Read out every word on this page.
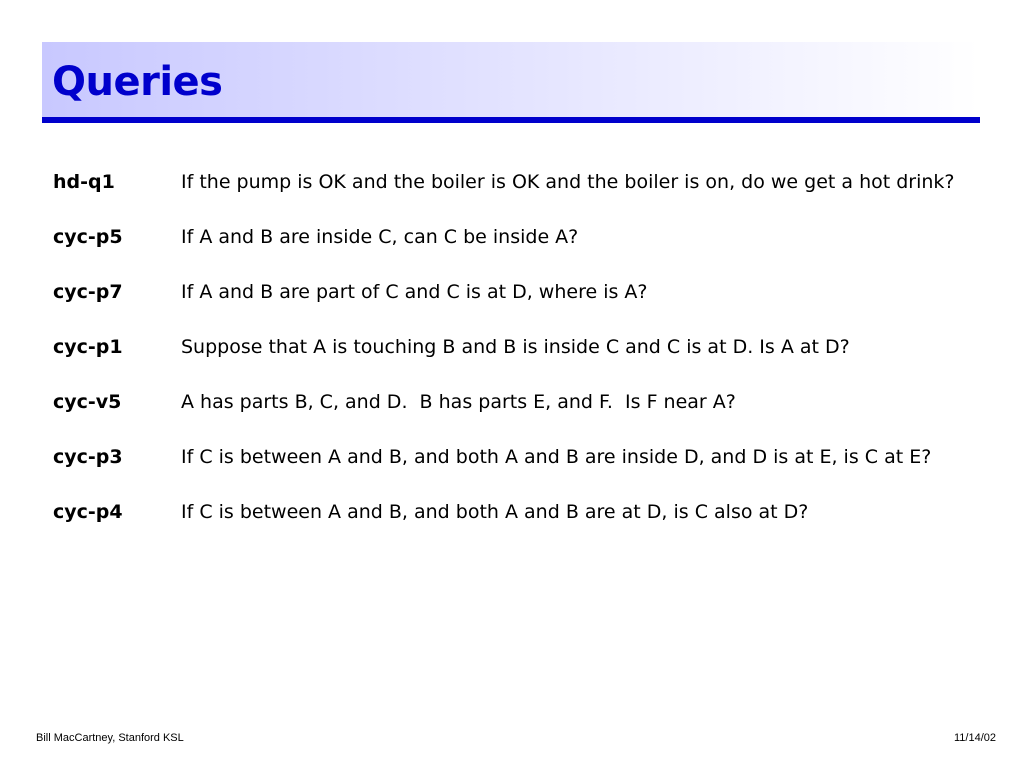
Queries
hd-q1	If the pump is OK and the boiler is OK and the boiler is on, do we get a hot drink?
cyc-p5	If A and B are inside C, can C be inside A?
cyc-p7	If A and B are part of C and C is at D, where is A?
cyc-p1	Suppose that A is touching B and B is inside C and C is at D. Is A at D?
cyc-v5	A has parts B, C, and D.  B has parts E, and F.  Is F near A?
cyc-p3	If C is between A and B, and both A and B are inside D, and D is at E, is C at E?
cyc-p4	If C is between A and B, and both A and B are at D, is C also at D?
Bill MacCartney, Stanford KSL	11/14/02
